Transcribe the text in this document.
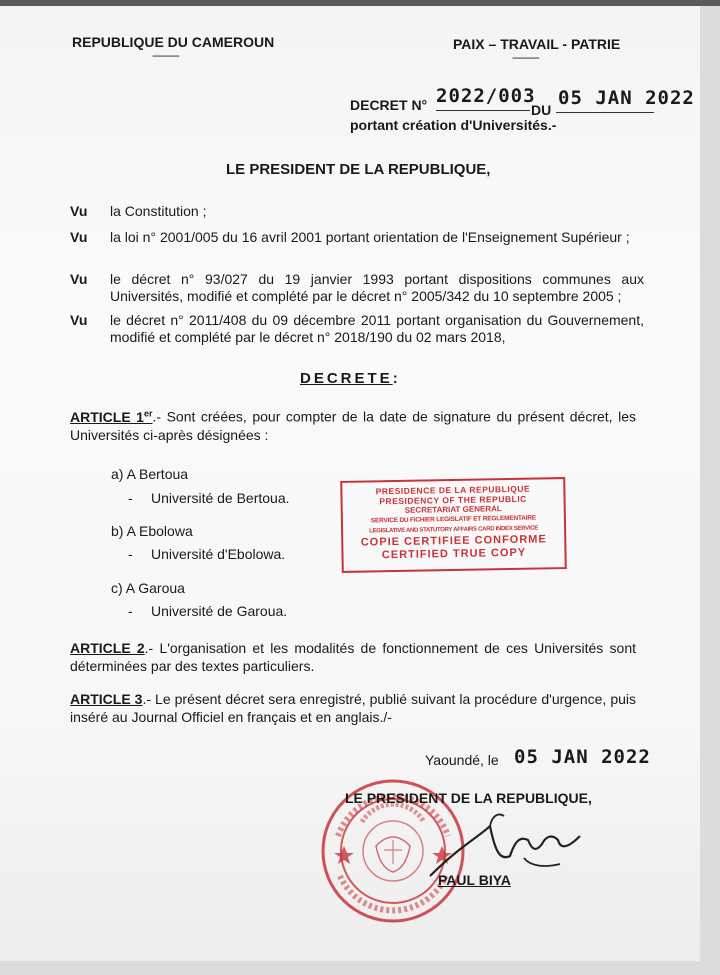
REPUBLIQUE DU CAMEROUN
----------
PAIX – TRAVAIL - PATRIE
----------
DECRET N° 2022/003
DU
05 JAN 2022
portant création d'Universités.-
LE PRESIDENT DE LA REPUBLIQUE,
Vu la Constitution ;
Vu la loi n° 2001/005 du 16 avril 2001 portant orientation de l'Enseignement Supérieur ;
Vu le décret n° 93/027 du 19 janvier 1993 portant dispositions communes aux Universités, modifié et complété par le décret n° 2005/342 du 10 septembre 2005 ;
Vu le décret n° 2011/408 du 09 décembre 2011 portant organisation du Gouvernement, modifié et complété par le décret n° 2018/190 du 02 mars 2018,
DECRETE:
ARTICLE 1er.- Sont créées, pour compter de la date de signature du présent décret, les Universités ci-après désignées :
a) A Bertoua
- Université de Bertoua.
b) A Ebolowa
- Université d'Ebolowa.
c) A Garoua
- Université de Garoua.
PRESIDENCE DE LA REPUBLIQUE
PRESIDENCY OF THE REPUBLIC
SECRETARIAT GENERAL
SERVICE DU FICHIER LEGISLATIF ET REGLEMENTAIRE
LEGISLATIVE AND STATUTORY AFFAIRS CARD INDEX SERVICE
COPIE CERTIFIEE CONFORME
CERTIFIED TRUE COPY
ARTICLE 2.- L'organisation et les modalités de fonctionnement de ces Universités sont déterminées par des textes particuliers.
ARTICLE 3.- Le présent décret sera enregistré, publié suivant la procédure d'urgence, puis inséré au Journal Officiel en français et en anglais./-
Yaoundé, le 05 JAN 2022
LE PRESIDENT DE LA REPUBLIQUE,
PAUL BIYA
